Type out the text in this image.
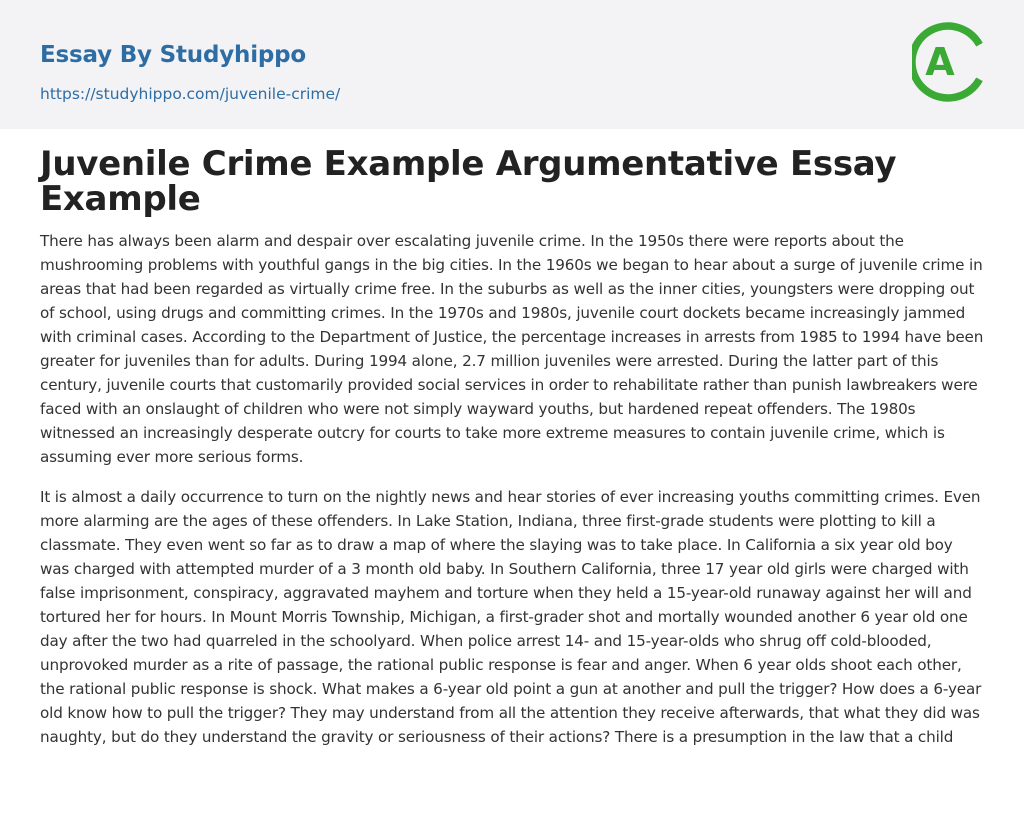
Essay By Studyhippo
https://studyhippo.com/juvenile-crime/
A
Juvenile Crime Example Argumentative Essay Example

There has always been alarm and despair over escalating juvenile crime. In the 1950s there were reports about the mushrooming problems with youthful gangs in the big cities. In the 1960s we began to hear about a surge of juvenile crime in areas that had been regarded as virtually crime free. In the suburbs as well as the inner cities, youngsters were dropping out of school, using drugs and committing crimes. In the 1970s and 1980s, juvenile court dockets became increasingly jammed with criminal cases. According to the Department of Justice, the percentage increases in arrests from 1985 to 1994 have been greater for juveniles than for adults. During 1994 alone, 2.7 million juveniles were arrested. During the latter part of this century, juvenile courts that customarily provided social services in order to rehabilitate rather than punish lawbreakers were faced with an onslaught of children who were not simply wayward youths, but hardened repeat offenders. The 1980s witnessed an increasingly desperate outcry for courts to take more extreme measures to contain juvenile crime, which is assuming ever more serious forms.

It is almost a daily occurrence to turn on the nightly news and hear stories of ever increasing youths committing crimes. Even more alarming are the ages of these offenders. In Lake Station, Indiana, three first-grade students were plotting to kill a classmate. They even went so far as to draw a map of where the slaying was to take place. In California a six year old boy was charged with attempted murder of a 3 month old baby. In Southern California, three 17 year old girls were charged with false imprisonment, conspiracy, aggravated mayhem and torture when they held a 15-year-old runaway against her will and tortured her for hours. In Mount Morris Township, Michigan, a first-grader shot and mortally wounded another 6 year old one day after the two had quarreled in the schoolyard. When police arrest 14- and 15-year-olds who shrug off cold-blooded, unprovoked murder as a rite of passage, the rational public response is fear and anger. When 6 year olds shoot each other, the rational public response is shock. What makes a 6-year old point a gun at another and pull the trigger? How does a 6-year old know how to pull the trigger? They may understand from all the attention they receive afterwards, that what they did was naughty, but do they understand the gravity or seriousness of their actions? There is a presumption in the law that a child
